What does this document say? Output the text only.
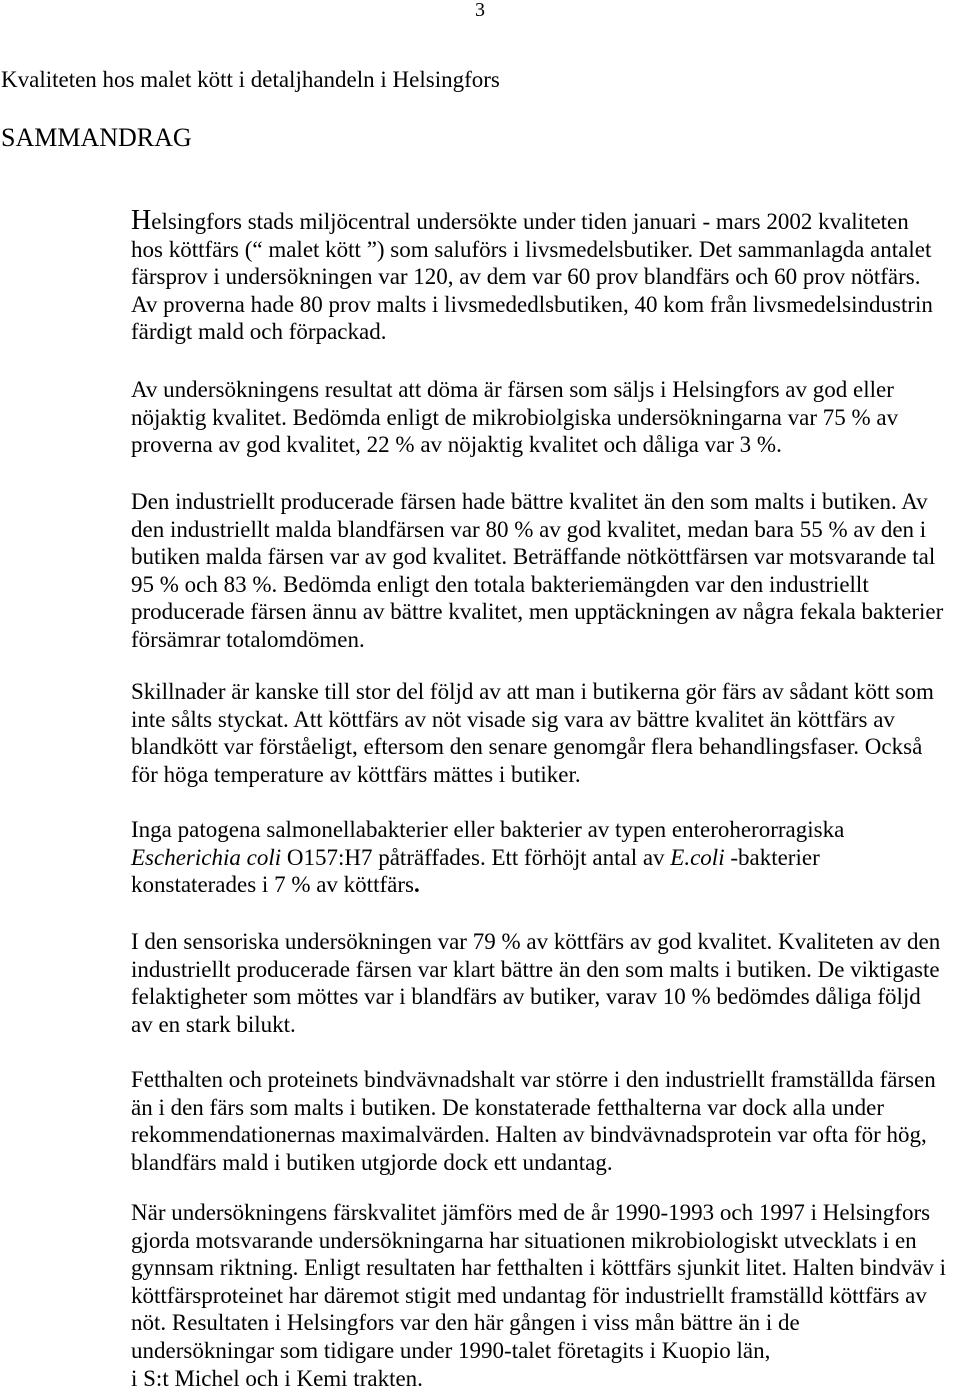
3
Kvaliteten hos malet kött i detaljhandeln i Helsingfors
SAMMANDRAG
Helsingfors stads miljöcentral undersökte under tiden januari - mars 2002 kvaliteten
hos köttfärs (“ malet kött ”) som saluförs i livsmedelsbutiker. Det sammanlagda antalet
färsprov i undersökningen var 120, av dem var 60 prov blandfärs och 60 prov nötfärs.
Av proverna hade 80 prov malts i livsmededlsbutiken, 40 kom från livsmedelsindustrin
färdigt mald och förpackad.
Av undersökningens resultat att döma är färsen som säljs i Helsingfors av god eller
nöjaktig kvalitet. Bedömda enligt de mikrobiolgiska undersökningarna var 75 % av
proverna av god kvalitet, 22 % av nöjaktig kvalitet och dåliga var 3 %.
Den industriellt producerade färsen hade bättre kvalitet än den som malts i butiken. Av
den industriellt malda blandfärsen var 80 % av god kvalitet, medan bara 55 % av den i
butiken malda färsen var av god kvalitet. Beträffande nötköttfärsen var motsvarande tal
95 % och 83 %. Bedömda enligt den totala bakteriemängden var den industriellt
producerade färsen ännu av bättre kvalitet, men upptäckningen av några fekala bakterier
försämrar totalomdömen.
Skillnader är kanske till stor del följd av att man i butikerna gör färs av sådant kött som
inte sålts styckat. Att köttfärs av nöt visade sig vara av bättre kvalitet än köttfärs av
blandkött var förståeligt, eftersom den senare genomgår flera behandlingsfaser. Också
för höga temperature av köttfärs mättes i butiker.
Inga patogena salmonellabakterier eller bakterier av typen enteroherorragiska
Escherichia coli O157:H7 påträffades. Ett förhöjt antal av E.coli -bakterier
konstaterades i 7 % av köttfärs.
I den sensoriska undersökningen var 79 % av köttfärs av god kvalitet. Kvaliteten av den
industriellt producerade färsen var klart bättre än den som malts i butiken. De viktigaste
felaktigheter som möttes var i blandfärs av butiker, varav 10 % bedömdes dåliga följd
av en stark bilukt.
Fetthalten och proteinets bindvävnadshalt var större i den industriellt framställda färsen
än i den färs som malts i butiken. De konstaterade fetthalterna var dock alla under
rekommendationernas maximalvärden. Halten av bindvävnadsprotein var ofta för hög,
blandfärs mald i butiken utgjorde dock ett undantag.
När undersökningens färskvalitet jämförs med de år 1990-1993 och 1997 i Helsingfors
gjorda motsvarande undersökningarna har situationen mikrobiologiskt utvecklats i en
gynnsam riktning. Enligt resultaten har fetthalten i köttfärs sjunkit litet. Halten bindväv i
köttfärsproteinet har däremot stigit med undantag för industriellt framställd köttfärs av
nöt. Resultaten i Helsingfors var den här gången i viss mån bättre än i de
undersökningar som tidigare under 1990-talet företagits i Kuopio län,
i S:t Michel och i Kemi trakten.
